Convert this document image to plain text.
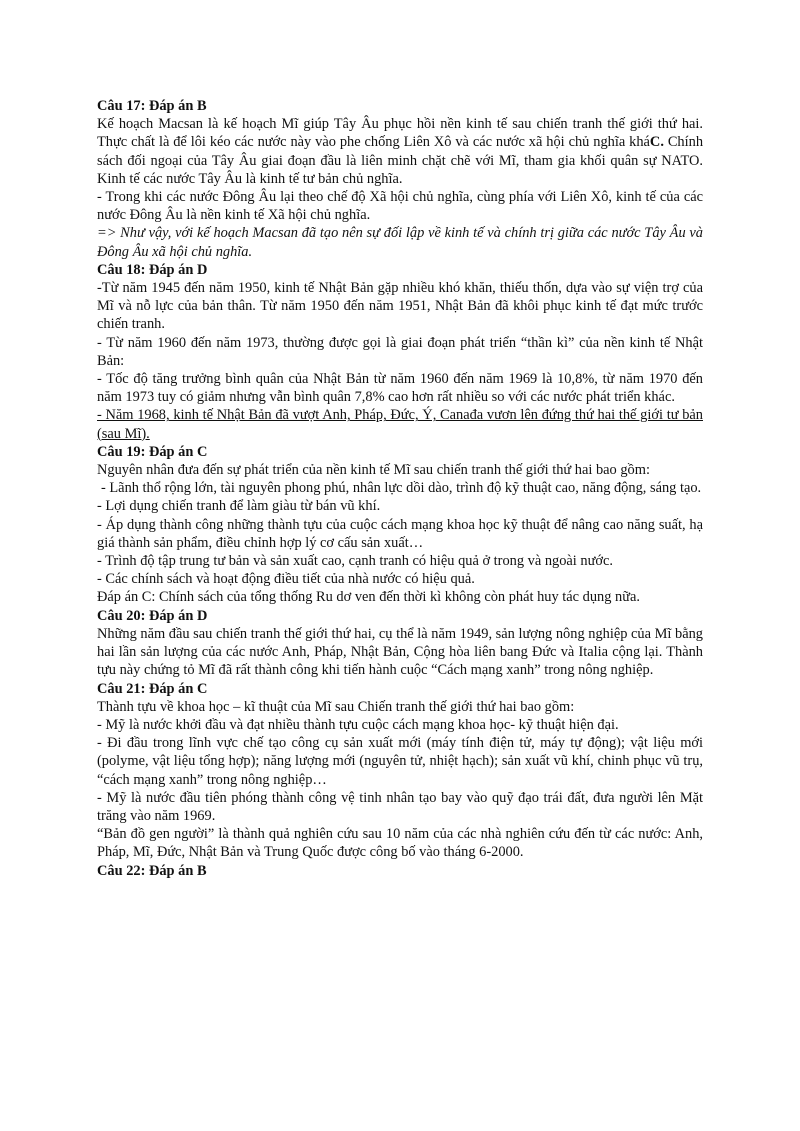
Câu 17: Đáp án B

Kế hoạch Macsan là kế hoạch Mĩ giúp Tây Âu phục hồi nền kinh tế sau chiến tranh thế giới thứ hai. Thực chất là để lôi kéo các nước này vào phe chống Liên Xô và các nước xã hội chủ nghĩa kháC. Chính sách đối ngoại của Tây Âu giai đoạn đầu là liên minh chặt chẽ với Mĩ, tham gia khối quân sự NATO. Kinh tế các nước Tây Âu là kinh tế tư bản chủ nghĩa.

- Trong khi các nước Đông Âu lại theo chế độ Xã hội chủ nghĩa, cùng phía với Liên Xô, kinh tế của các nước Đông Âu là nền kinh tế Xã hội chủ nghĩa.

=> Như vậy, với kế hoạch Macsan đã tạo nên sự đối lập về kinh tế và chính trị giữa các nước Tây Âu và Đông Âu xã hội chủ nghĩa.

Câu 18: Đáp án D

-Từ năm 1945 đến năm 1950, kinh tế Nhật Bản gặp nhiều khó khăn, thiếu thốn, dựa vào sự viện trợ của Mĩ và nỗ lực của bản thân. Từ năm 1950 đến năm 1951, Nhật Bản đã khôi phục kinh tế đạt mức trước chiến tranh.

- Từ năm 1960 đến năm 1973, thường được gọi là giai đoạn phát triển “thần kì” của nền kinh tế Nhật Bản:

- Tốc độ tăng trưởng bình quân của Nhật Bản từ năm 1960 đến năm 1969 là 10,8%, từ năm 1970 đến năm 1973 tuy có giảm nhưng vẫn bình quân 7,8% cao hơn rất nhiều so với các nước phát triển khác.

- Năm 1968, kinh tế Nhật Bản đã vượt Anh, Pháp, Đức, Ý, Canađa vươn lên đứng thứ hai thế giới tư bản (sau Mĩ).

Câu 19: Đáp án C

Nguyên nhân đưa đến sự phát triển của nền kinh tế Mĩ sau chiến tranh thế giới thứ hai bao gồm:

- Lãnh thổ rộng lớn, tài nguyên phong phú, nhân lực dồi dào, trình độ kỹ thuật cao, năng động, sáng tạo.

- Lợi dụng chiến tranh để làm giàu từ bán vũ khí.

- Áp dụng thành công những thành tựu của cuộc cách mạng khoa học kỹ thuật để nâng cao năng suất, hạ giá thành sản phẩm, điều chỉnh hợp lý cơ cấu sản xuất…

- Trình độ tập trung tư bản và sản xuất cao, cạnh tranh có hiệu quả ở trong và ngoài nước.

- Các chính sách và hoạt động điều tiết của nhà nước có hiệu quả.

Đáp án C: Chính sách của tổng thống Ru dơ ven đến thời kì không còn phát huy tác dụng nữa.

Câu 20: Đáp án D

Những năm đầu sau chiến tranh thế giới thứ hai, cụ thể là năm 1949, sản lượng nông nghiệp của Mĩ bằng hai lần sản lượng của các nước Anh, Pháp, Nhật Bản, Cộng hòa liên bang Đức và Italia cộng lại. Thành tựu này chứng tỏ Mĩ đã rất thành công khi tiến hành cuộc “Cách mạng xanh” trong nông nghiệp.

Câu 21: Đáp án C

Thành tựu về khoa học – kĩ thuật của Mĩ sau Chiến tranh thế giới thứ hai bao gồm:

- Mỹ là nước khởi đầu và đạt nhiều thành tựu cuộc cách mạng khoa học- kỹ thuật hiện đại.

- Đi đầu trong lĩnh vực chế tạo công cụ sản xuất mới (máy tính điện tử, máy tự động); vật liệu mới (polyme, vật liệu tổng hợp); năng lượng mới (nguyên tử, nhiệt hạch); sản xuất vũ khí, chinh phục vũ trụ, “cách mạng xanh” trong nông nghiệp…

- Mỹ là nước đầu tiên phóng thành công vệ tinh nhân tạo bay vào quỹ đạo trái đất, đưa người lên Mặt trăng vào năm 1969.

“Bản đồ gen người” là thành quả nghiên cứu sau 10 năm của các nhà nghiên cứu đến từ các nước: Anh, Pháp, Mĩ, Đức, Nhật Bản và Trung Quốc được công bố vào tháng 6-2000.

Câu 22: Đáp án B
